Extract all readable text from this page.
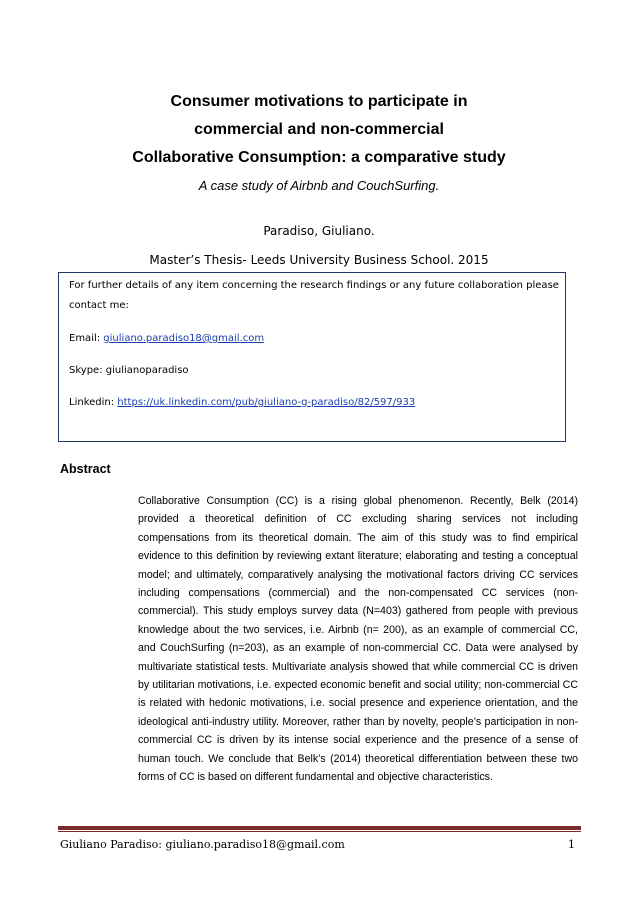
Consumer motivations to participate in
commercial and non-commercial
Collaborative Consumption: a comparative study
A case study of Airbnb and CouchSurfing.
Paradiso, Giuliano.
Master’s Thesis- Leeds University Business School. 2015
For further details of any item concerning the research findings or any future collaboration please
contact me:
Email: giuliano.paradiso18@gmail.com
Skype: giulianoparadiso
Linkedin: https://uk.linkedin.com/pub/giuliano-g-paradiso/82/597/933
Abstract
Collaborative Consumption (CC) is a rising global phenomenon. Recently, Belk (2014) provided a theoretical definition of CC excluding sharing services not including compensations from its theoretical domain. The aim of this study was to find empirical evidence to this definition by reviewing extant literature; elaborating and testing a conceptual model; and ultimately, comparatively analysing the motivational factors driving CC services including compensations (commercial) and the non-compensated CC services (non-commercial). This study employs survey data (N=403) gathered from people with previous knowledge about the two services, i.e. Airbnb (n= 200), as an example of commercial CC, and CouchSurfing (n=203), as an example of non-commercial CC. Data were analysed by multivariate statistical tests. Multivariate analysis showed that while commercial CC is driven by utilitarian motivations, i.e. expected economic benefit and social utility; non-commercial CC is related with hedonic motivations, i.e. social presence and experience orientation, and the ideological anti-industry utility. Moreover, rather than by novelty, people’s participation in non-commercial CC is driven by its intense social experience and the presence of a sense of human touch. We conclude that Belk’s (2014) theoretical differentiation between these two forms of CC is based on different fundamental and objective characteristics.
Giuliano Paradiso: giuliano.paradiso18@gmail.com	1
